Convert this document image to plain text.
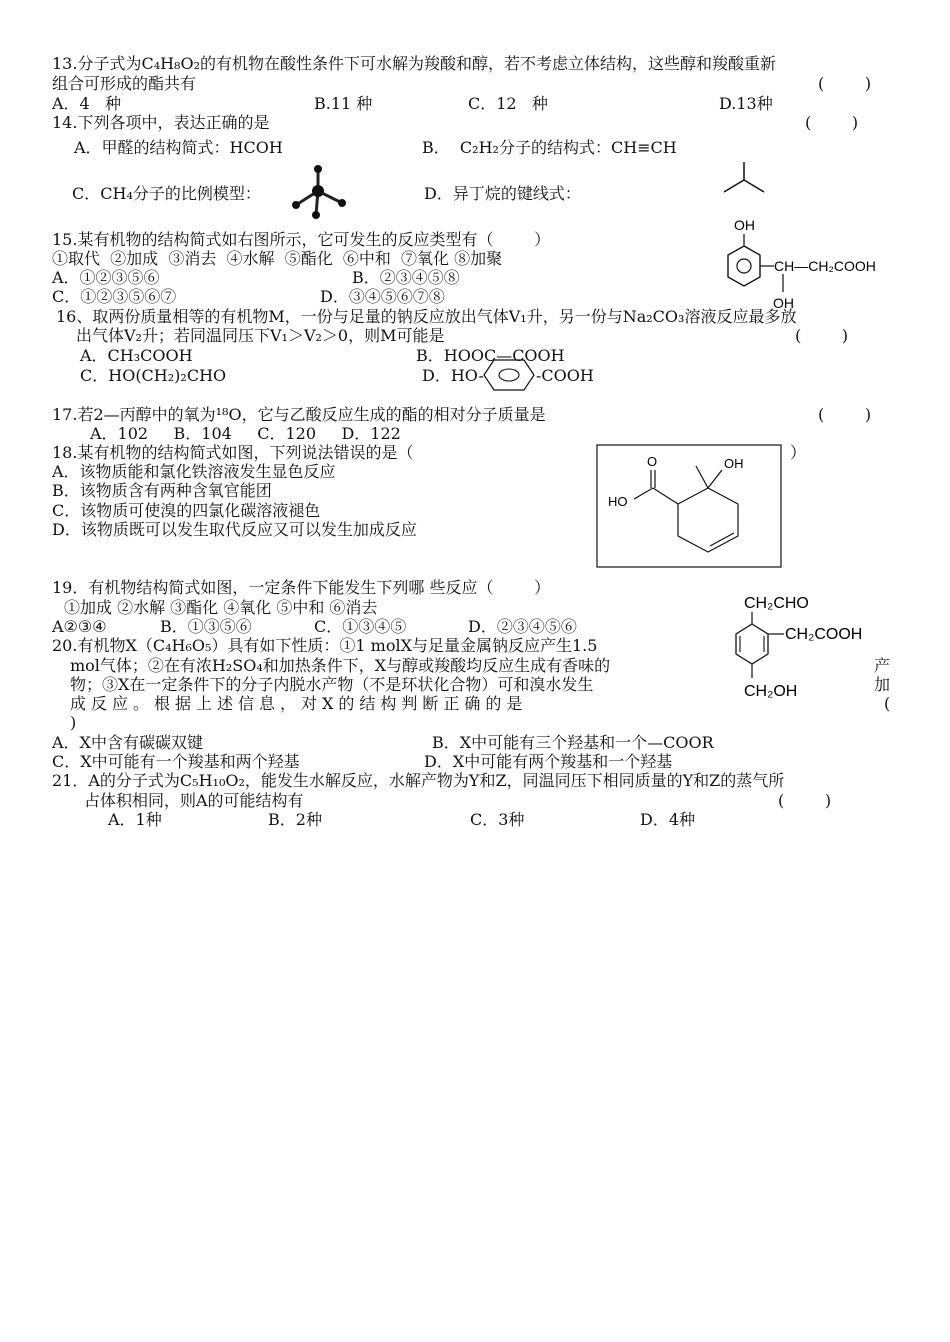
13.分子式为C₄H₈O₂的有机物在酸性条件下可水解为羧酸和醇，若不考虑立体结构，这些醇和羧酸重新
组合可形成的酯共有	(        )
A．4   种	B.11 种	C．12   种	D.13种
14.下列各项中，表达正确的是	(        )
A．甲醛的结构简式：HCOH	B．  C₂H₂分子的结构式：CH≡CH
C．CH₄分子的比例模型：	D．异丁烷的键线式：
15.某有机物的结构简式如右图所示，它可发生的反应类型有（        ）
①取代  ②加成  ③消去  ④水解  ⑤酯化  ⑥中和  ⑦氧化 ⑧加聚
A．①②③⑤⑥	B．②③④⑤⑧
C．①②③⑤⑥⑦	D．③④⑤⑥⑦⑧
OH
CH—CH₂COOH
OH
16、取两份质量相等的有机物M，一份与足量的钠反应放出气体V₁升，另一份与Na₂CO₃溶液反应最多放
出气体V₂升；若同温同压下V₁＞V₂＞0，则M可能是	(        )
A．CH₃COOH	B．HOOC—COOH
C．HO(CH₂)₂CHO	D．HO-	-COOH
17.若2—丙醇中的氧为¹⁸O，它与乙酸反应生成的酯的相对分子质量是	(        )
A．102     B．104     C．120     D．122
18.某有机物的结构简式如图，下列说法错误的是（	）
A．该物质能和氯化铁溶液发生显色反应
B．该物质含有两种含氧官能团
C．该物质可使溴的四氯化碳溶液褪色
D．该物质既可以发生取代反应又可以发生加成反应
O
HO
OH
19．有机物结构简式如图，一定条件下能发生下列哪 些反应（        ）
①加成 ②水解 ③酯化 ④氧化 ⑤中和 ⑥消去
A②③④	B．①③⑤⑥	C．①③④⑤	D．②③④⑤⑥
CH₂CHO
CH₂COOH
CH₂OH
20.有机物X（C₄H₆O₅）具有如下性质：①1 molX与足量金属钠反应产生1.5
mol气体；②在有浓H₂SO₄和加热条件下，X与醇或羧酸均反应生成有香味的
物；③X在一定条件下的分子内脱水产物（不是环状化合物）可和溴水发生
成反应。根据上述信息，对X的结构判断正确的是
)
产
加
(
A．X中含有碳碳双键	B．X中可能有三个羟基和一个—COOR
C．X中可能有一个羧基和两个羟基	D．X中可能有两个羧基和一个羟基
21．A的分子式为C₅H₁₀O₂，能发生水解反应，水解产物为Y和Z，同温同压下相同质量的Y和Z的蒸气所
占体积相同，则A的可能结构有	(        )
A．1种	B．2种	C．3种	D．4种
